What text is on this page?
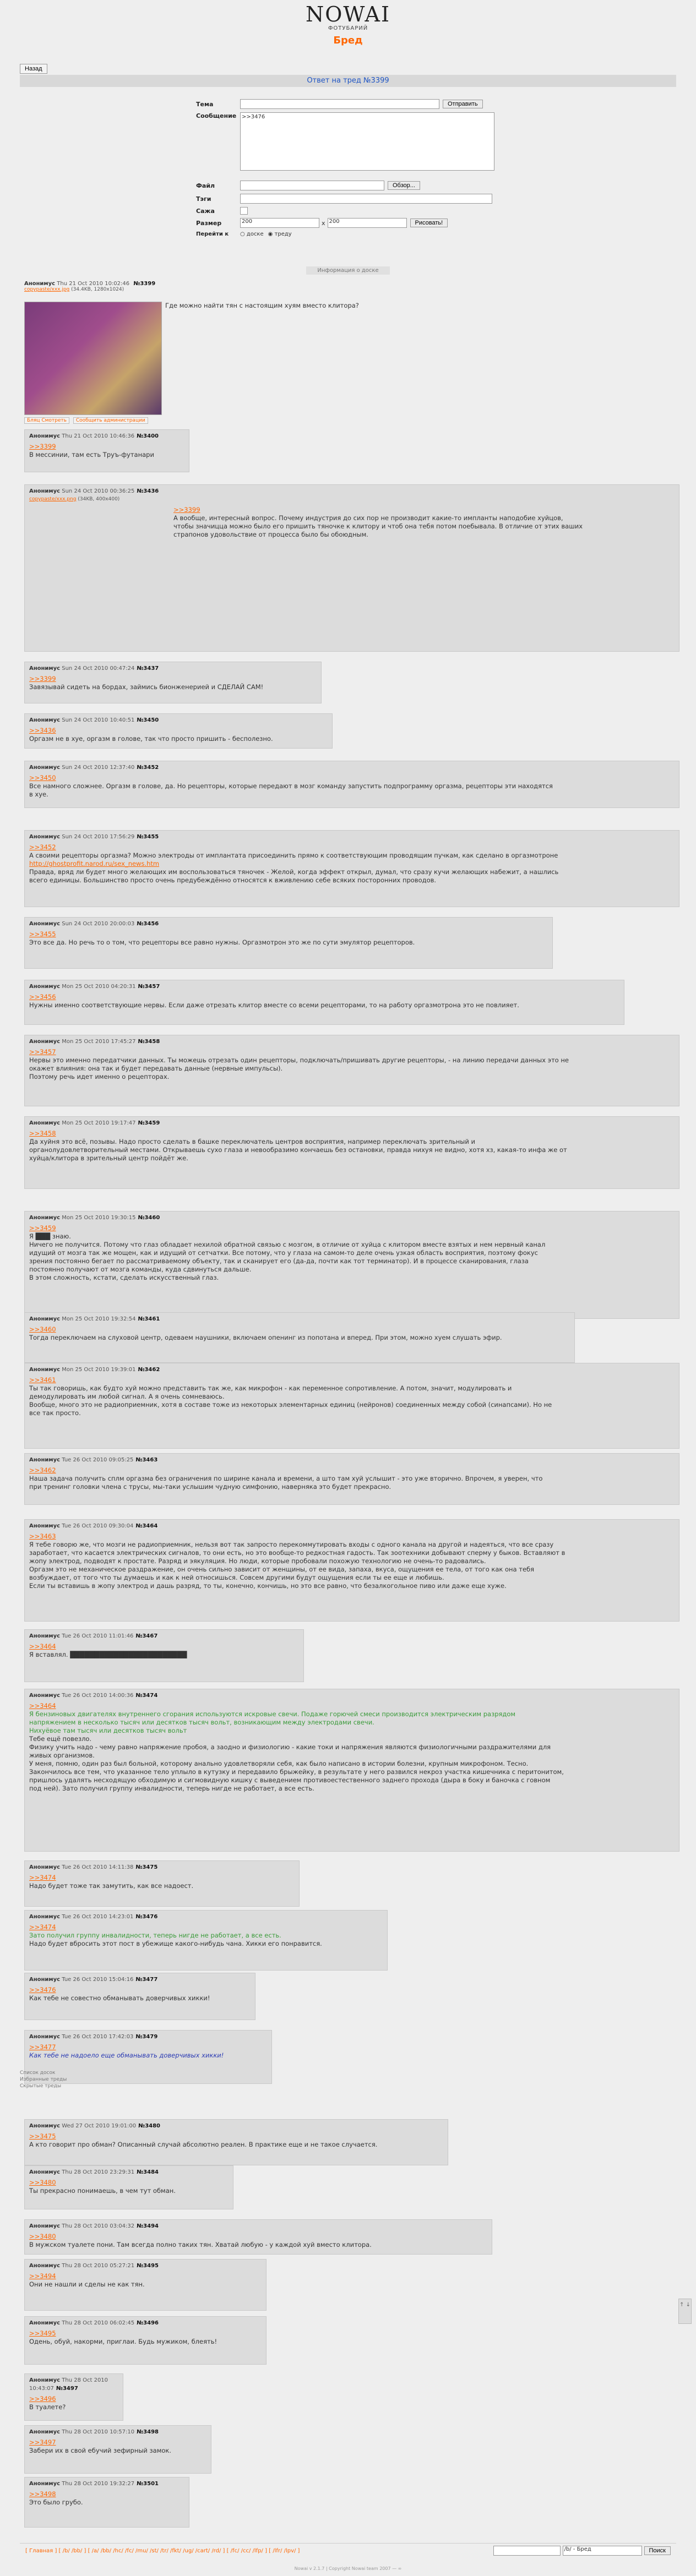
NOWAI
ФОТУБАРИЙ
Бред
Назад
Ответ на тред №3399
Тема	Отправить
Сообщение >>3476
Файл	Обзор...
Тэги
Сажа
Размер	200	x 200	Рисовать!
Перейти к	○ доске ◉ треду
Информация о доске
Анонимус Thu 21 Oct 2010 10:02:46 №3399
copypaste/xxx.jpg (34.4KB, 1280x1024)
Где можно найти тян с настоящим хуям вместо клитора?
Бляц Смотреть Сообщить администрации
Анонимус Thu 21 Oct 2010 10:46:36 №3400
>>3399
В мессинии, там есть Труъ-футанари
Анонимус Sun 24 Oct 2010 00:36:25 №3436
copypaste/xxx.png (34KB, 400x400)
>>3399
А вообще, интересный вопрос. Почему индустрия до сих пор не производит какие-то импланты наподобие хуйцов,
чтобы значицца можно было его пришить тяночке к клитору и чтоб она тебя потом поебывала. В отличие от этих ваших
страпонов удовольствие от процесса было бы обоюдным.
Анонимус Sun 24 Oct 2010 00:47:24 №3437
>>3399
Завязывай сидеть на бордах, займись бионженерией и СДЕЛАЙ САМ!
Анонимус Sun 24 Oct 2010 10:40:51 №3450
>>3436
Оргазм не в хуе, оргазм в голове, так что просто пришить - бесполезно.
Анонимус Sun 24 Oct 2010 12:37:40 №3452
>>3450
Все намного сложнее. Оргазм в голове, да. Но рецепторы, которые передают в мозг команду запустить подпрограмму оргазма, рецепторы эти находятся
в хуе.
Анонимус Sun 24 Oct 2010 17:56:29 №3455
>>3452
А своими рецепторы оргазма? Можно электроды от имплантата присоединить прямо к соответствующим проводящим пучкам, как сделано в оргазмотроне
http://ghostprofit.narod.ru/sex_news.htm
Правда, вряд ли будет много желающих им воспользоваться тяночек - Желой, когда эффект открыл, думал, что сразу кучи желающих набежит, а нашлись
всего единицы. Большинство просто очень предубеждённо относятся к вживлению себе всяких посторонних проводов.
Анонимус Sun 24 Oct 2010 20:00:03 №3456
>>3455
Это все да. Но речь то о том, что рецепторы все равно нужны. Оргазмотрон это же по сути эмулятор рецепторов.
Анонимус Mon 25 Oct 2010 04:20:31 №3457
>>3456
Нужны именно соответствующие нервы. Если даже отрезать клитор вместе со всеми рецепторами, то на работу оргазмотрона это не повлияет.
Анонимус Mon 25 Oct 2010 17:45:27 №3458
>>3457
Нервы это именно передатчики данных. Ты можешь отрезать один рецепторы, подключать/пришивать другие рецепторы, - на линию передачи данных это не
окажет влияния: она так и будет передавать данные (нервные импульсы).
Поэтому речь идет именно о рецепторах.
Анонимус Mon 25 Oct 2010 19:17:47 №3459
>>3458
Да хуйня это всё, позывы. Надо просто сделать в башке переключатель центров восприятия, например переключать зрительный и
органолудовлетворительный местами. Открываешь сухо глаза и невообразимо кончаешь без остановки, правда нихуя не видно, хотя хз, какая-то инфа же от
хуйца/клитора в зрительный центр пойдёт же.
Анонимус Mon 25 Oct 2010 19:30:15 №3460
>>3459
Я ███ знаю.
Ничего не получится. Потому что глаз обладает нехилой обратной связью с мозгом, в отличие от хуйца с клитором вместе взятых и нем нервный канал
идущий от мозга так же мощен, как и идущий от сетчатки. Все потому, что у глаза на самом-то деле очень узкая область восприятия, поэтому фокус
зрения постоянно бегает по рассматриваемому объекту, так и сканирует его (да-да, почти как тот терминатор). И в процессе сканирования, глаза
постоянно получают от мозга команды, куда сдвинуться дальше.
В этом сложность, кстати, сделать искусственный глаз.
Анонимус Mon 25 Oct 2010 19:32:54 №3461
>>3460
Тогда переключаем на слуховой центр, одеваем наушники, включаем опенинг из попотана и вперед. При этом, можно хуем слушать эфир.
Анонимус Mon 25 Oct 2010 19:39:01 №3462
>>3461
Ты так говоришь, как будто хуй можно представить так же, как микрофон - как переменное сопротивление. А потом, значит, модулировать и
демодулировать им любой сигнал. А я очень сомневаюсь.
Вообще, много это не радиоприемник, хотя в составе тоже из некоторых элементарных единиц (нейронов) соединенных между собой (синапсами). Но не
все так просто.
Анонимус Tue 26 Oct 2010 09:05:25 №3463
>>3462
Наша задача получить сплм оргазма без ограничения по ширине канала и времени, а што там хуй услышит - это уже вторично. Впрочем, я уверен, что
при тренинг головки члена с трусы, мы-таки услышим чудную симфонию, наверняка это будет прекрасно.
Анонимус Tue 26 Oct 2010 09:30:04 №3464
>>3463
Я тебе говорю же, что мозги не радиоприемник, нельзя вот так запросто перекоммутировать входы с одного канала на другой и надеяться, что все сразу
заработает, что касается электрических сигналов, то они есть, но это вообще-то редкостная гадость. Так зоотехники добывают сперму у быков. Вставляют в
жопу электрод, подводят к простате. Разряд и эякуляция. Но люди, которые пробовали похожую технологию не очень-то радовались.
Оргазм это не механическое раздражение, он очень сильно зависит от женщины, от ее вида, запаха, вкуса, ощущения ее тела, от того как она тебя
возбуждает, от того что ты думаешь и как к ней относишься. Совсем другими будут ощущения если ты ее еще и любишь.
Если ты вставишь в жопу электрод и дашь разряд, то ты, конечно, кончишь, но это все равно, что безалкогольное пиво или даже еще хуже.
Анонимус Tue 26 Oct 2010 11:01:46 №3467
>>3464
Я вставлял. ████████████████████████
Анонимус Tue 26 Oct 2010 14:00:36 №3474
>>3464
Я бензиновых двигателях внутреннего сгорания используются искровые свечи. Подаже горючей смеси производится электрическим разрядом
напряжением в несколько тысяч или десятков тысяч вольт, возникающим между электродами свечи.
Нихуёвое там тысяч или десятков тысяч вольт
Тебе ещё повезло.
Физику учить надо - чему равно напряжение пробоя, а заодно и физиологию - какие токи и напряжения являются физиологичными раздражителями для
живых организмов.
У меня, помню, один раз был больной, которому анально удовлетворяли себя, как было написано в истории болезни, крупным микрофоном. Тесно.
Закончилось все тем, что указанное тело уплыло в кутузку и передавило брыжейку, в результате у него развился некроз участка кишечника с перитонитом,
пришлось удалять несходящую обходимую и сигмовидную кишку с выведением противоестественного заднего прохода (дыра в боку и баночка с говном
под ней). Зато получил группу инвалидности, теперь нигде не работает, а все есть.
Анонимус Tue 26 Oct 2010 14:11:38 №3475
>>3474
Надо будет тоже так замутить, как все надоест.
Анонимус Tue 26 Oct 2010 14:23:01 №3476
>>3474
Зато получил группу инвалидности, теперь нигде не работает, а все есть.
Надо будет вбросить этот пост в убежище какого-нибудь чана. Хикки его понравится.
Анонимус Tue 26 Oct 2010 15:04:16 №3477
>>3476
Как тебе не совестно обманывать доверчивых хикки!
Анонимус Tue 26 Oct 2010 17:42:03 №3479
>>3477
Как тебе не надоело еще обманывать доверчивых хикки!
Анонимус Wed 27 Oct 2010 19:01:00 №3480
>>3475
А кто говорит про обман? Описанный случай абсолютно реален. В практике еще и не такое случается.
Анонимус Thu 28 Oct 2010 23:29:31 №3484
>>3480
Ты прекрасно понимаешь, в чем тут обман.
Анонимус Thu 28 Oct 2010 03:04:32 №3494
>>3480
В мужском туалете пони. Там всегда полно таких тян. Хватай любую - у каждой хуй вместо клитора.
Анонимус Thu 28 Oct 2010 05:27:21 №3495
>>3494
Они не нашли и сделы не как тян.
Анонимус Thu 28 Oct 2010 06:02:45 №3496
>>3495
Одень, обуй, накорми, приглаи. Будь мужиком, блеять!
Анонимус Thu 28 Oct 2010 10:43:07 №3497
>>3496
В туалете?
Анонимус Thu 28 Oct 2010 10:57:10 №3498
>>3497
Забери их в свой ебучий зефирный замок.
Анонимус Thu 28 Oct 2010 19:32:27 №3501
>>3498
Это было грубо.
Список досок
Избранные треды
Скрытые треды
↑ ↓
[ Главная ] [ /b/ /bb/ ] [ /a/ /bb/ /hc/ /fc/ /mu/ /st/ /tr/ /fkt/ /ug/ /cart/ /rd/ ] [ /fc/ /cc/ /lfp/ ] [ /lfr/ /lpv/ ]	/b/ - Бред	Поиск
Nowai v 2.1.7 | Copyright Nowai team 2007 — ∞
